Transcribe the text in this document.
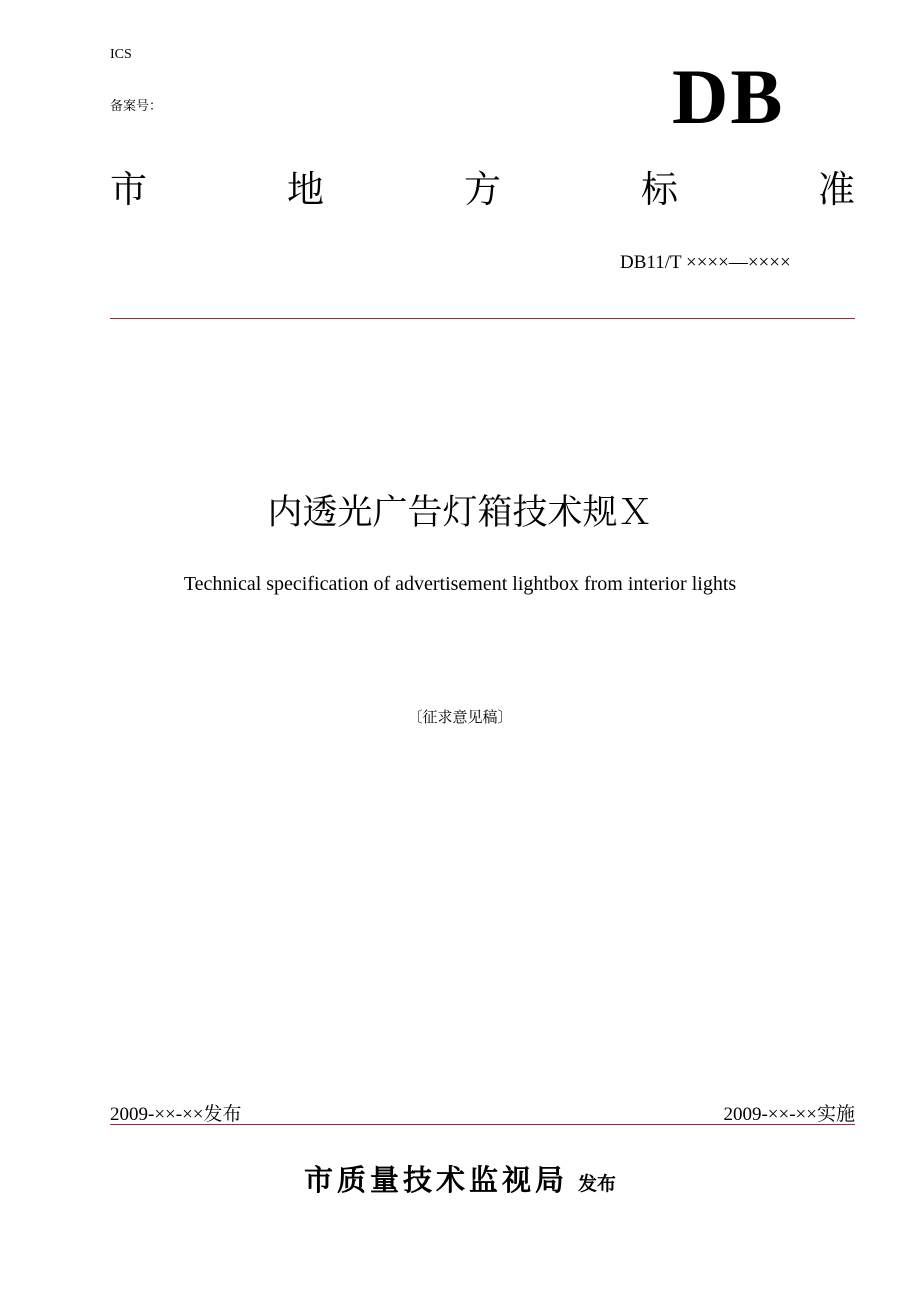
ICS
备案号：	DB
市	地	方	标	准
DB11/T ××××—××××
内透光广告灯箱技术规Ｘ
Technical specification of advertisement lightbox from interior lights
〔征求意见稿〕
2009-××-××发布	2009-××-××实施
市质量技术监视局 发布
